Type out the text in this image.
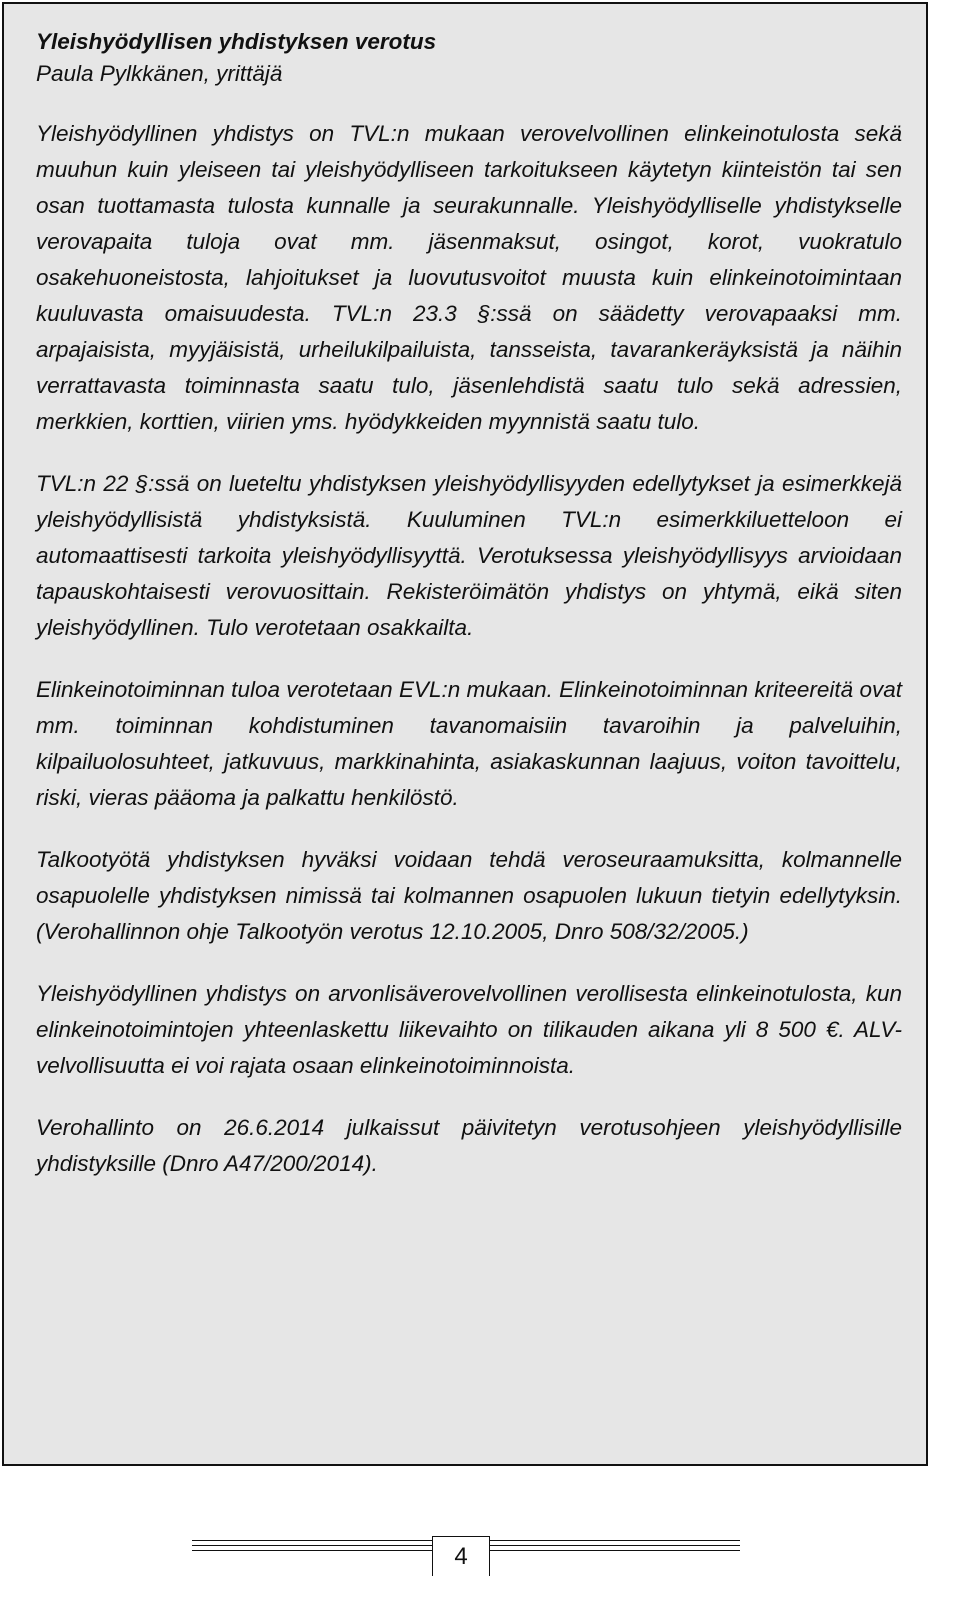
Yleishyödyllisen yhdistyksen verotus

Paula Pylkkänen, yrittäjä

Yleishyödyllinen yhdistys on TVL:n mukaan verovelvollinen elinkeinotulosta sekä muuhun kuin yleiseen tai yleishyödylliseen tarkoitukseen käytetyn kiinteistön tai sen osan tuottamasta tulosta kunnalle ja seurakunnalle. Yleishyödylliselle yhdistykselle verovapaita tuloja ovat mm. jäsenmaksut, osingot, korot, vuokratulo osakehuoneistosta, lahjoitukset ja luovutusvoitot muusta kuin elinkeinotoimintaan kuuluvasta omaisuudesta. TVL:n 23.3 §:ssä on säädetty verovapaaksi mm. arpajaisista, myyjäisistä, urheilukilpailuista, tansseista, tavarankeräyksistä ja näihin verrattavasta toiminnasta saatu tulo, jäsenlehdistä saatu tulo sekä adressien, merkkien, korttien, viirien yms. hyödykkeiden myynnistä saatu tulo.

TVL:n 22 §:ssä on lueteltu yhdistyksen yleishyödyllisyyden edellytykset ja esimerkkejä yleishyödyllisistä yhdistyksistä. Kuuluminen TVL:n esimerkkiluetteloon ei automaattisesti tarkoita yleishyödyllisyyttä. Verotuksessa yleishyödyllisyys arvioidaan tapauskohtaisesti verovuosittain. Rekisteröimätön yhdistys on yhtymä, eikä siten yleishyödyllinen. Tulo verotetaan osakkailta.

Elinkeinotoiminnan tuloa verotetaan EVL:n mukaan. Elinkeinotoiminnan kriteereitä ovat mm. toiminnan kohdistuminen tavanomaisiin tavaroihin ja palveluihin, kilpailuolosuhteet, jatkuvuus, markkinahinta, asiakaskunnan laajuus, voiton tavoittelu, riski, vieras pääoma ja palkattu henkilöstö.

Talkootyötä yhdistyksen hyväksi voidaan tehdä veroseuraamuksitta, kolmannelle osapuolelle yhdistyksen nimissä tai kolmannen osapuolen lukuun tietyin edellytyksin. (Verohallinnon ohje Talkootyön verotus 12.10.2005, Dnro 508/32/2005.)

Yleishyödyllinen yhdistys on arvonlisäverovelvollinen verollisesta elinkeinotulosta, kun elinkeinotoimintojen yhteenlaskettu liikevaihto on tilikauden aikana yli 8 500 €. ALV-velvollisuutta ei voi rajata osaan elinkeinotoiminnoista.

Verohallinto on 26.6.2014 julkaissut päivitetyn verotusohjeen yleishyödyllisille yhdistyksille (Dnro A47/200/2014).

4
